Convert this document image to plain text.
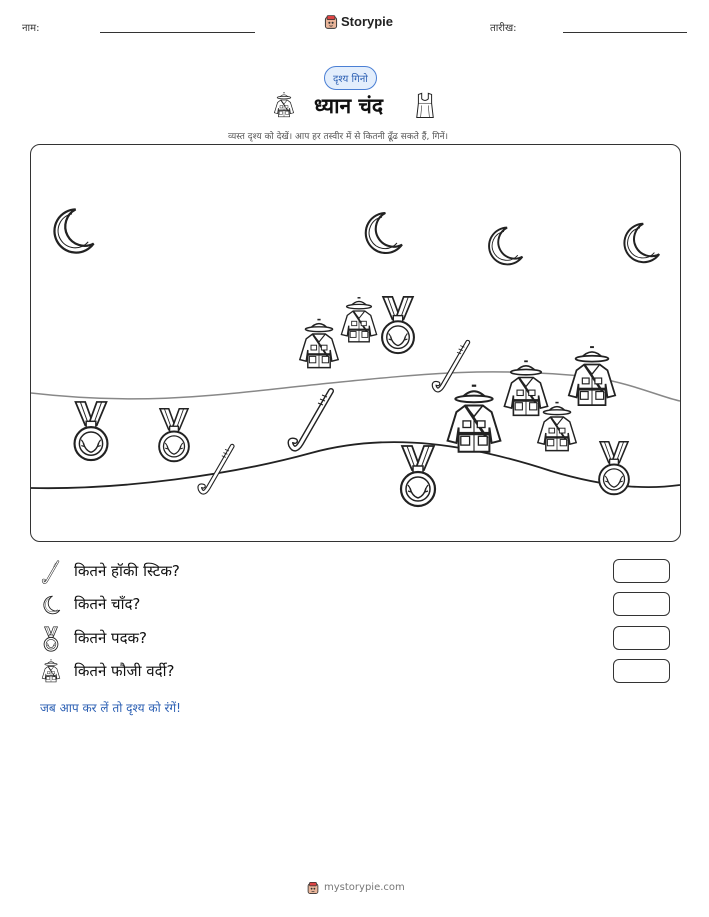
नाम:	Storypie	तारीख:
दृश्य गिनो
ध्यान चंद
व्यस्त दृश्य को देखें। आप हर तस्वीर में से कितनी ढूँढ सकते हैं, गिनें।
कितने हॉकी स्टिक?
कितने चाँद?
कितने पदक?
कितने फौजी वर्दी?
जब आप कर लें तो दृश्य को रंगें!
mystorypie.com
